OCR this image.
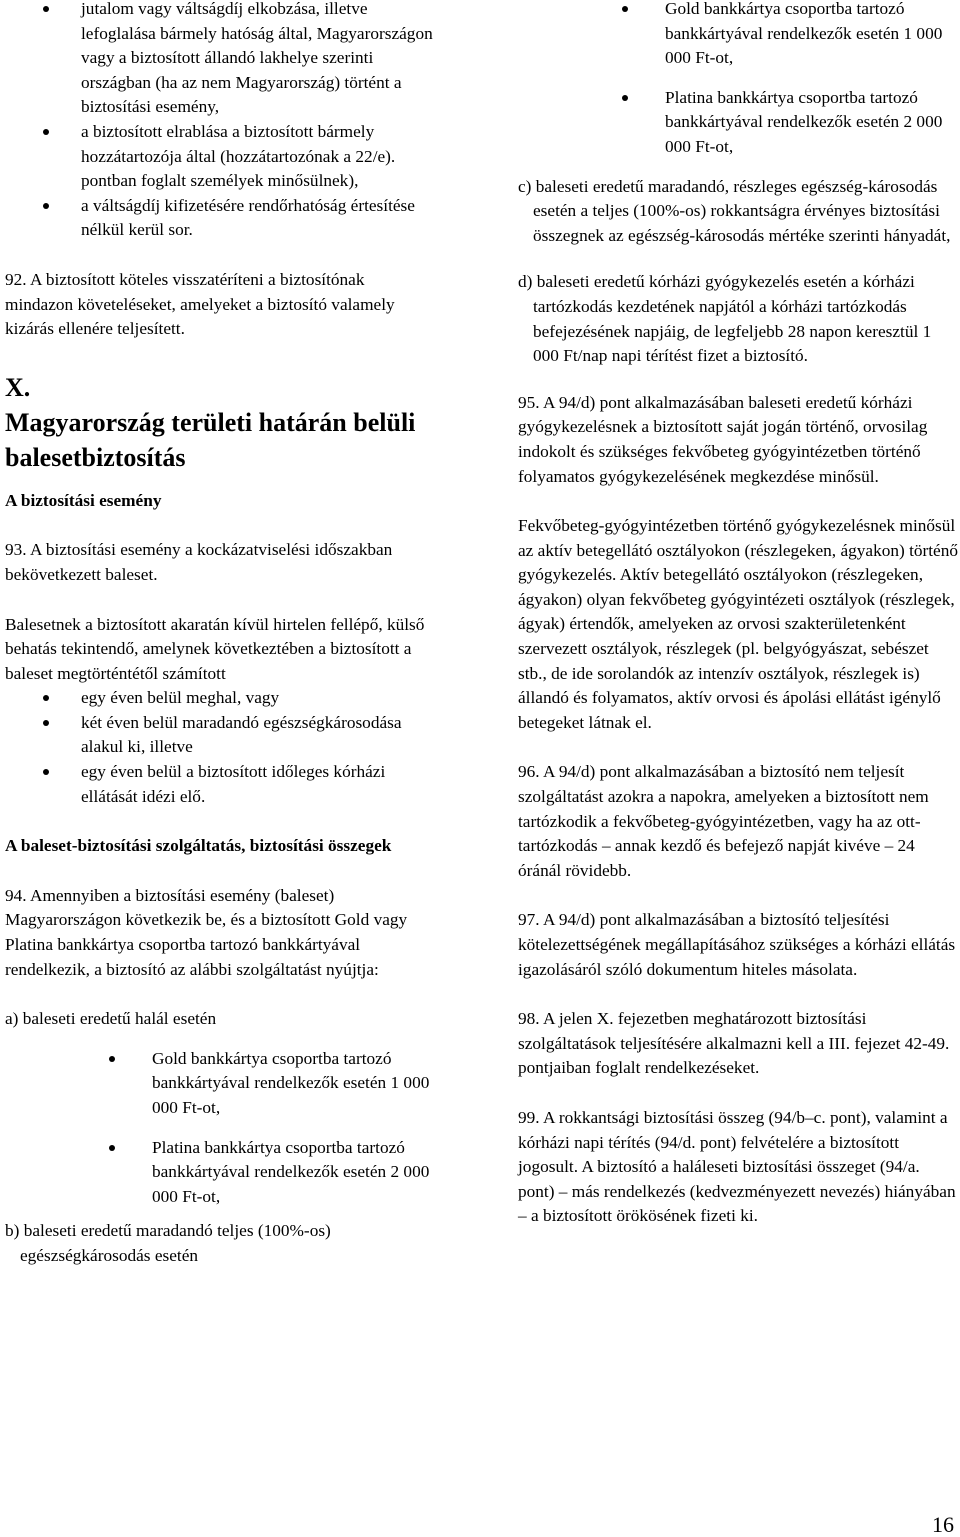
jutalom vagy váltságdíj elkobzása, illetve lefoglalása bármely hatóság által, Magyarországon vagy a biztosított állandó lakhelye szerinti országban (ha az nem Magyarország) történt a biztosítási esemény,
a biztosított elrablása a biztosított bármely hozzátartozója által (hozzátartozónak a 22/e). pontban foglalt személyek minősülnek),
a váltságdíj kifizetésére rendőrhatóság értesítése nélkül kerül sor.

92. A biztosított köteles visszatéríteni a biztosítónak mindazon követeléseket, amelyeket a biztosító valamely kizárás ellenére teljesített.

X.

Magyarország területi határán belüli balesetbiztosítás

A biztosítási esemény

93. A biztosítási esemény a kockázatviselési időszakban bekövetkezett baleset.

Balesetnek a biztosított akaratán kívül hirtelen fellépő, külső behatás tekintendő, amelynek következtében a biztosított a baleset megtörténtétől számított

egy éven belül meghal, vagy
két éven belül maradandó egészségkárosodása alakul ki, illetve
egy éven belül a biztosított időleges kórházi ellátását idézi elő.

A baleset-biztosítási szolgáltatás, biztosítási összegek

94. Amennyiben a biztosítási esemény (baleset) Magyarországon következik be, és a biztosított Gold vagy Platina bankkártya csoportba tartozó bankkártyával rendelkezik, a biztosító az alábbi szolgáltatást nyújtja:

a) baleseti eredetű halál esetén

Gold bankkártya csoportba tartozó bankkártyával rendelkezők esetén 1 000 000 Ft-ot,
Platina bankkártya csoportba tartozó bankkártyával rendelkezők esetén 2 000 000 Ft-ot,

b) baleseti eredetű maradandó teljes (100%-os) egészségkárosodás esetén

Gold bankkártya csoportba tartozó bankkártyával rendelkezők esetén 1 000 000 Ft-ot,
Platina bankkártya csoportba tartozó bankkártyával rendelkezők esetén 2 000 000 Ft-ot,

c) baleseti eredetű maradandó, részleges egészség-károsodás esetén a teljes (100%-os) rokkantságra érvényes biztosítási összegnek az egészség-károsodás mértéke szerinti hányadát,

d) baleseti eredetű kórházi gyógykezelés esetén a kórházi tartózkodás kezdetének napjától a kórházi tartózkodás befejezésének napjáig, de legfeljebb 28 napon keresztül 1 000 Ft/nap napi térítést fizet a biztosító.

95. A 94/d) pont alkalmazásában baleseti eredetű kórházi gyógykezelésnek a biztosított saját jogán történő, orvosilag indokolt és szükséges fekvőbeteg gyógyintézetben történő folyamatos gyógykezelésének megkezdése minősül.

Fekvőbeteg-gyógyintézetben történő gyógykezelésnek minősül az aktív betegellátó osztályokon (részlegeken, ágyakon) történő gyógykezelés. Aktív betegellátó osztályokon (részlegeken, ágyakon) olyan fekvőbeteg gyógyintézeti osztályok (részlegek, ágyak) értendők, amelyeken az orvosi szakterületenként szervezett osztályok, részlegek (pl. belgyógyászat, sebészet stb., de ide sorolandók az intenzív osztályok, részlegek is) állandó és folyamatos, aktív orvosi és ápolási ellátást igénylő betegeket látnak el.

96. A 94/d) pont alkalmazásában a biztosító nem teljesít szolgáltatást azokra a napokra, amelyeken a biztosított nem tartózkodik a fekvőbeteg-gyógyintézetben, vagy ha az ott-tartózkodás – annak kezdő és befejező napját kivéve – 24 óránál rövidebb.

97. A 94/d) pont alkalmazásában a biztosító teljesítési kötelezettségének megállapításához szükséges a kórházi ellátás igazolásáról szóló dokumentum hiteles másolata.

98. A jelen X. fejezetben meghatározott biztosítási szolgáltatások teljesítésére alkalmazni kell a III. fejezet 42-49. pontjaiban foglalt rendelkezéseket.

99. A rokkantsági biztosítási összeg (94/b–c. pont), valamint a kórházi napi térítés (94/d. pont) felvételére a biztosított jogosult. A biztosító a haláleseti biztosítási összeget (94/a. pont) – más rendelkezés (kedvezményezett nevezés) hiányában – a biztosított örökösének fizeti ki.

16
